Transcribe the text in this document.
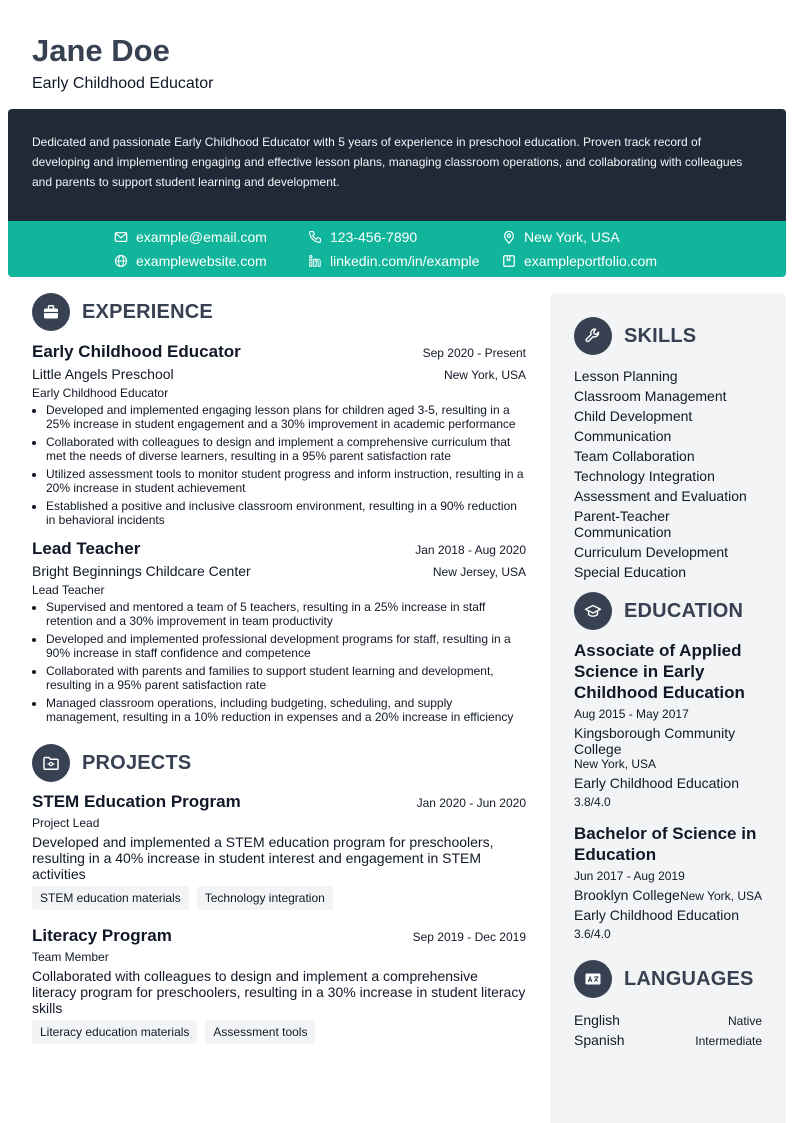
Jane Doe
Early Childhood Educator
Dedicated and passionate Early Childhood Educator with 5 years of experience in preschool education. Proven track record of developing and implementing engaging and effective lesson plans, managing classroom operations, and collaborating with colleagues and parents to support student learning and development.
example@email.com	123-456-7890	New York, USA
examplewebsite.com	linkedin.com/in/example	exampleportfolio.com
EXPERIENCE
Early Childhood Educator	Sep 2020 - Present
Little Angels Preschool	New York, USA
Early Childhood Educator
• Developed and implemented engaging lesson plans for children aged 3-5, resulting in a 25% increase in student engagement and a 30% improvement in academic performance
• Collaborated with colleagues to design and implement a comprehensive curriculum that met the needs of diverse learners, resulting in a 95% parent satisfaction rate
• Utilized assessment tools to monitor student progress and inform instruction, resulting in a 20% increase in student achievement
• Established a positive and inclusive classroom environment, resulting in a 90% reduction in behavioral incidents
Lead Teacher	Jan 2018 - Aug 2020
Bright Beginnings Childcare Center	New Jersey, USA
Lead Teacher
• Supervised and mentored a team of 5 teachers, resulting in a 25% increase in staff retention and a 30% improvement in team productivity
• Developed and implemented professional development programs for staff, resulting in a 90% increase in staff confidence and competence
• Collaborated with parents and families to support student learning and development, resulting in a 95% parent satisfaction rate
• Managed classroom operations, including budgeting, scheduling, and supply management, resulting in a 10% reduction in expenses and a 20% increase in efficiency
PROJECTS
STEM Education Program	Jan 2020 - Jun 2020
Project Lead
Developed and implemented a STEM education program for preschoolers, resulting in a 40% increase in student interest and engagement in STEM activities
STEM education materials	Technology integration
Literacy Program	Sep 2019 - Dec 2019
Team Member
Collaborated with colleagues to design and implement a comprehensive literacy program for preschoolers, resulting in a 30% increase in student literacy skills
Literacy education materials	Assessment tools
SKILLS
Lesson Planning
Classroom Management
Child Development
Communication
Team Collaboration
Technology Integration
Assessment and Evaluation
Parent-Teacher Communication
Curriculum Development
Special Education
EDUCATION
Associate of Applied Science in Early Childhood Education
Aug 2015 - May 2017
Kingsborough Community College
New York, USA
Early Childhood Education
3.8/4.0
Bachelor of Science in Education
Jun 2017 - Aug 2019
Brooklyn College New York, USA
Early Childhood Education
3.6/4.0
LANGUAGES
English	Native
Spanish	Intermediate
